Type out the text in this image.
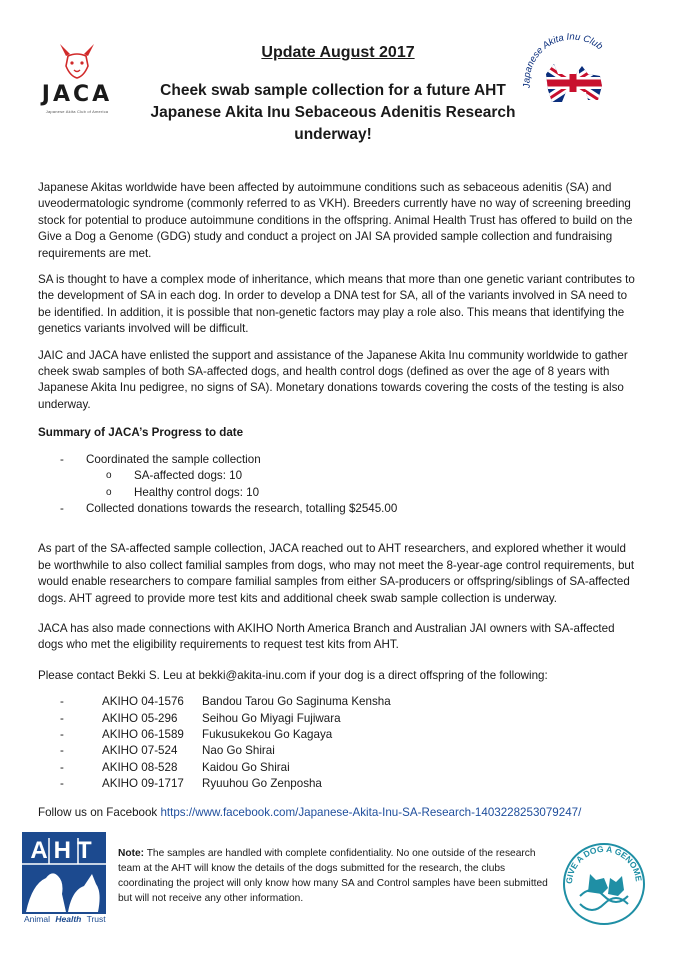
JACA
Japanese Akita Club of America
Update August 2017
Cheek swab sample collection for a future AHT Japanese Akita Inu Sebaceous Adenitis Research underway!
Japanese Akita Inu Club

Japanese Akitas worldwide have been affected by autoimmune conditions such as sebaceous adenitis (SA) and uveodermatologic syndrome (commonly referred to as VKH). Breeders currently have no way of screening breeding stock for potential to produce autoimmune conditions in the offspring. Animal Health Trust has offered to build on the Give a Dog a Genome (GDG) study and conduct a project on JAI SA provided sample collection and fundraising requirements are met.

SA is thought to have a complex mode of inheritance, which means that more than one genetic variant contributes to the development of SA in each dog. In order to develop a DNA test for SA, all of the variants involved in SA need to be identified. In addition, it is possible that non-genetic factors may play a role also. This means that identifying the genetics variants involved will be difficult.

JAIC and JACA have enlisted the support and assistance of the Japanese Akita Inu community worldwide to gather cheek swab samples of both SA-affected dogs, and health control dogs (defined as over the age of 8 years with Japanese Akita Inu pedigree, no signs of SA). Monetary donations towards covering the costs of the testing is also underway.

Summary of JACA’s Progress to date
- Coordinated the sample collection
o SA-affected dogs: 10
o Healthy control dogs: 10
- Collected donations towards the research, totalling $2545.00

As part of the SA-affected sample collection, JACA reached out to AHT researchers, and explored whether it would be worthwhile to also collect familial samples from dogs, who may not meet the 8-year-age control requirements, but would enable researchers to compare familial samples from either SA-producers or offspring/siblings of SA-affected dogs. AHT agreed to provide more test kits and additional cheek swab sample collection is underway.

JACA has also made connections with AKIHO North America Branch and Australian JAI owners with SA-affected dogs who met the eligibility requirements to request test kits from AHT.

Please contact Bekki S. Leu at bekki@akita-inu.com if your dog is a direct offspring of the following:

-	AKIHO 04-1576	Bandou Tarou Go Saginuma Kensha
-	AKIHO 05-296	Seihou Go Miyagi Fujiwara
-	AKIHO 06-1589	Fukusukekou Go Kagaya
-	AKIHO 07-524	Nao Go Shirai
-	AKIHO 08-528	Kaidou Go Shirai
-	AKIHO 09-1717	Ryuuhou Go Zenposha

Follow us on Facebook https://www.facebook.com/Japanese-Akita-Inu-SA-Research-1403228253079247/

AHT
Animal Health Trust
Note: The samples are handled with complete confidentiality. No one outside of the research team at the AHT will know the details of the dogs submitted for the research, the clubs coordinating the project will only know how many SA and Control samples have been submitted but will not receive any other information.
GIVE A DOG A GENOME
